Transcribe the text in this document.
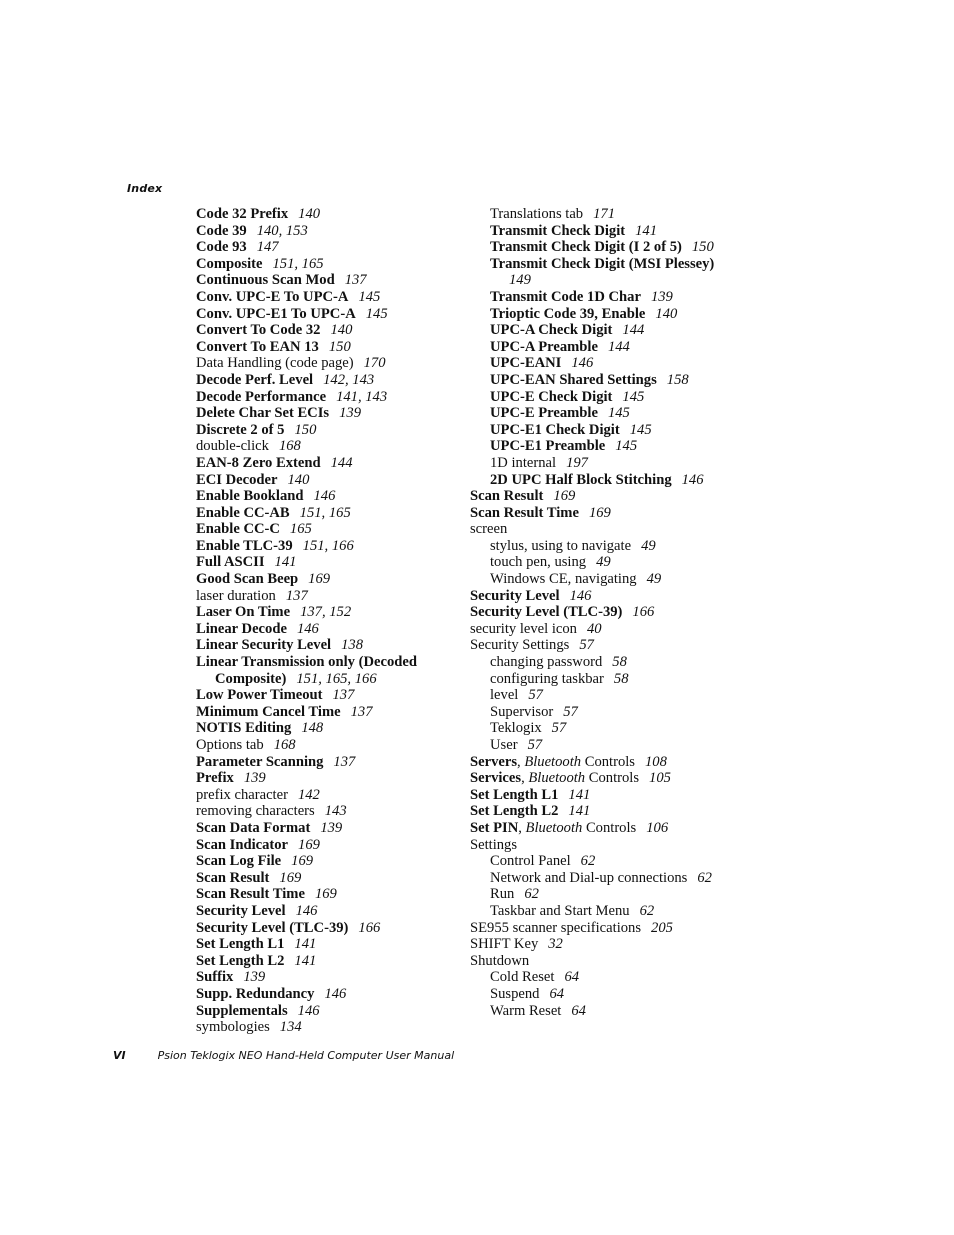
Index
Code 32 Prefix 140
Code 39 140, 153
Code 93 147
Composite 151, 165
Continuous Scan Mod 137
Conv. UPC-E To UPC-A 145
Conv. UPC-E1 To UPC-A 145
Convert To Code 32 140
Convert To EAN 13 150
Data Handling (code page) 170
Decode Perf. Level 142, 143
Decode Performance 141, 143
Delete Char Set ECIs 139
Discrete 2 of 5 150
double-click 168
EAN-8 Zero Extend 144
ECI Decoder 140
Enable Bookland 146
Enable CC-AB 151, 165
Enable CC-C 165
Enable TLC-39 151, 166
Full ASCII 141
Good Scan Beep 169
laser duration 137
Laser On Time 137, 152
Linear Decode 146
Linear Security Level 138
Linear Transmission only (Decoded
Composite) 151, 165, 166
Low Power Timeout 137
Minimum Cancel Time 137
NOTIS Editing 148
Options tab 168
Parameter Scanning 137
Prefix 139
prefix character 142
removing characters 143
Scan Data Format 139
Scan Indicator 169
Scan Log File 169
Scan Result 169
Scan Result Time 169
Security Level 146
Security Level (TLC-39) 166
Set Length L1 141
Set Length L2 141
Suffix 139
Supp. Redundancy 146
Supplementals 146
symbologies 134
Translations tab 171
Transmit Check Digit 141
Transmit Check Digit (I 2 of 5) 150
Transmit Check Digit (MSI Plessey)
149
Transmit Code 1D Char 139
Trioptic Code 39, Enable 140
UPC-A Check Digit 144
UPC-A Preamble 144
UPC-EANI 146
UPC-EAN Shared Settings 158
UPC-E Check Digit 145
UPC-E Preamble 145
UPC-E1 Check Digit 145
UPC-E1 Preamble 145
1D internal 197
2D UPC Half Block Stitching 146
Scan Result 169
Scan Result Time 169
screen
stylus, using to navigate 49
touch pen, using 49
Windows CE, navigating 49
Security Level 146
Security Level (TLC-39) 166
security level icon 40
Security Settings 57
changing password 58
configuring taskbar 58
level 57
Supervisor 57
Teklogix 57
User 57
Servers, Bluetooth Controls 108
Services, Bluetooth Controls 105
Set Length L1 141
Set Length L2 141
Set PIN, Bluetooth Controls 106
Settings
Control Panel 62
Network and Dial-up connections 62
Run 62
Taskbar and Start Menu 62
SE955 scanner specifications 205
SHIFT Key 32
Shutdown
Cold Reset 64
Suspend 64
Warm Reset 64
VI	Psion Teklogix NEO Hand-Held Computer User Manual
